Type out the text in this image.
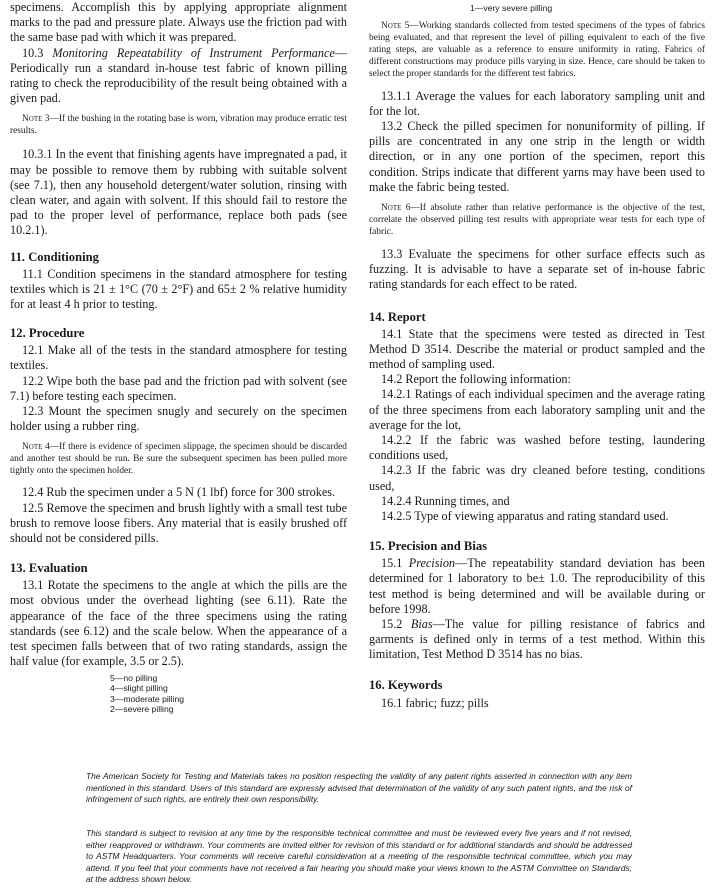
specimens. Accomplish this by applying appropriate alignment marks to the pad and pressure plate. Always use the friction pad with the same base pad with which it was prepared.

10.3 Monitoring Repeatability of Instrument Performance—Periodically run a standard in-house test fabric of known pilling rating to check the reproducibility of the result being obtained with a given pad.

Note 3—If the bushing in the rotating base is worn, vibration may produce erratic test results.

10.3.1 In the event that finishing agents have impregnated a pad, it may be possible to remove them by rubbing with suitable solvent (see 7.1), then any household detergent/water solution, rinsing with clean water, and again with solvent. If this should fail to restore the pad to the proper level of performance, replace both pads (see 10.2.1).

11. Conditioning

11.1 Condition specimens in the standard atmosphere for testing textiles which is 21 ± 1°C (70 ± 2°F) and 65± 2 % relative humidity for at least 4 h prior to testing.

12. Procedure

12.1 Make all of the tests in the standard atmosphere for testing textiles.

12.2 Wipe both the base pad and the friction pad with solvent (see 7.1) before testing each specimen.

12.3 Mount the specimen snugly and securely on the specimen holder using a rubber ring.

Note 4—If there is evidence of specimen slippage, the specimen should be discarded and another test should be run. Be sure the subsequent specimen has been pulled more tightly onto the specimen holder.

12.4 Rub the specimen under a 5 N (1 lbf) force for 300 strokes.

12.5 Remove the specimen and brush lightly with a small test tube brush to remove loose fibers. Any material that is easily brushed off should not be considered pills.

13. Evaluation

13.1 Rotate the specimens to the angle at which the pills are the most obvious under the overhead lighting (see 6.11). Rate the appearance of the face of the three specimens using the rating standards (see 6.12) and the scale below. When the appearance of a test specimen falls between that of two rating standards, assign the half value (for example, 3.5 or 2.5).

5—no pilling
4—slight pilling
3—moderate pilling
2—severe pilling
1—very severe pilling

Note 5—Working standards collected from tested specimens of the types of fabrics being evaluated, and that represent the level of pilling equivalent to each of the five rating steps, are valuable as a reference to ensure uniformity in rating. Fabrics of different constructions may produce pills varying in size. Hence, care should be taken to select the proper standards for the different test fabrics.

13.1.1 Average the values for each laboratory sampling unit and for the lot.

13.2 Check the pilled specimen for nonuniformity of pilling. If pills are concentrated in any one strip in the length or width direction, or in any one portion of the specimen, report this condition. Strips indicate that different yarns may have been used to make the fabric being tested.

Note 6—If absolute rather than relative performance is the objective of the test, correlate the observed pilling test results with appropriate wear tests for each type of fabric.

13.3 Evaluate the specimens for other surface effects such as fuzzing. It is advisable to have a separate set of in-house fabric rating standards for each effect to be rated.

14. Report

14.1 State that the specimens were tested as directed in Test Method D 3514. Describe the material or product sampled and the method of sampling used.

14.2 Report the following information:

14.2.1 Ratings of each individual specimen and the average rating of the three specimens from each laboratory sampling unit and the average for the lot,

14.2.2 If the fabric was washed before testing, laundering conditions used,

14.2.3 If the fabric was dry cleaned before testing, conditions used,

14.2.4 Running times, and

14.2.5 Type of viewing apparatus and rating standard used.

15. Precision and Bias

15.1 Precision—The repeatability standard deviation has been determined for 1 laboratory to be± 1.0. The reproducibility of this test method is being determined and will be available during or before 1998.

15.2 Bias—The value for pilling resistance of fabrics and garments is defined only in terms of a test method. Within this limitation, Test Method D 3514 has no bias.

16. Keywords

16.1 fabric; fuzz; pills

The American Society for Testing and Materials takes no position respecting the validity of any patent rights asserted in connection with any item mentioned in this standard. Users of this standard are expressly advised that determination of the validity of any such patent rights, and the risk of infringement of such rights, are entirely their own responsibility.

This standard is subject to revision at any time by the responsible technical committee and must be reviewed every five years and if not revised, either reapproved or withdrawn. Your comments are invited either for revision of this standard or for additional standards and should be addressed to ASTM Headquarters. Your comments will receive careful consideration at a meeting of the responsible technical committee, which you may attend. If you feel that your comments have not received a fair hearing you should make your views known to the ASTM Committee on Standards, at the address shown below.
